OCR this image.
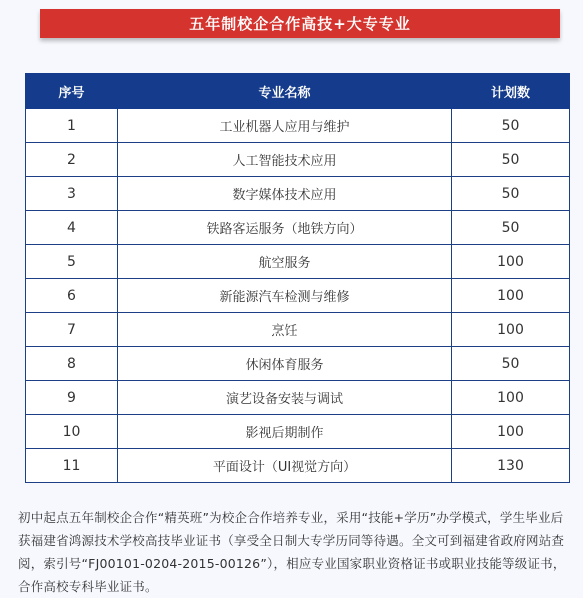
五年制校企合作高技+大专专业
序号	专业名称	计划数
1	工业机器人应用与维护	50
2	人工智能技术应用	50
3	数字媒体技术应用	50
4	铁路客运服务（地铁方向）	50
5	航空服务	100
6	新能源汽车检测与维修	100
7	烹饪	100
8	休闲体育服务	50
9	演艺设备安装与调试	100
10	影视后期制作	100
11	平面设计（UI视觉方向）	130

初中起点五年制校企合作“精英班”为校企合作培养专业，采用“技能+学历”办学模式，学生毕业后获福建省鸿源技术学校高技毕业证书（享受全日制大专学历同等待遇。全文可到福建省政府网站查阅，索引号“FJ00101-0204-2015-00126”），相应专业国家职业资格证书或职业技能等级证书，合作高校专科毕业证书。
